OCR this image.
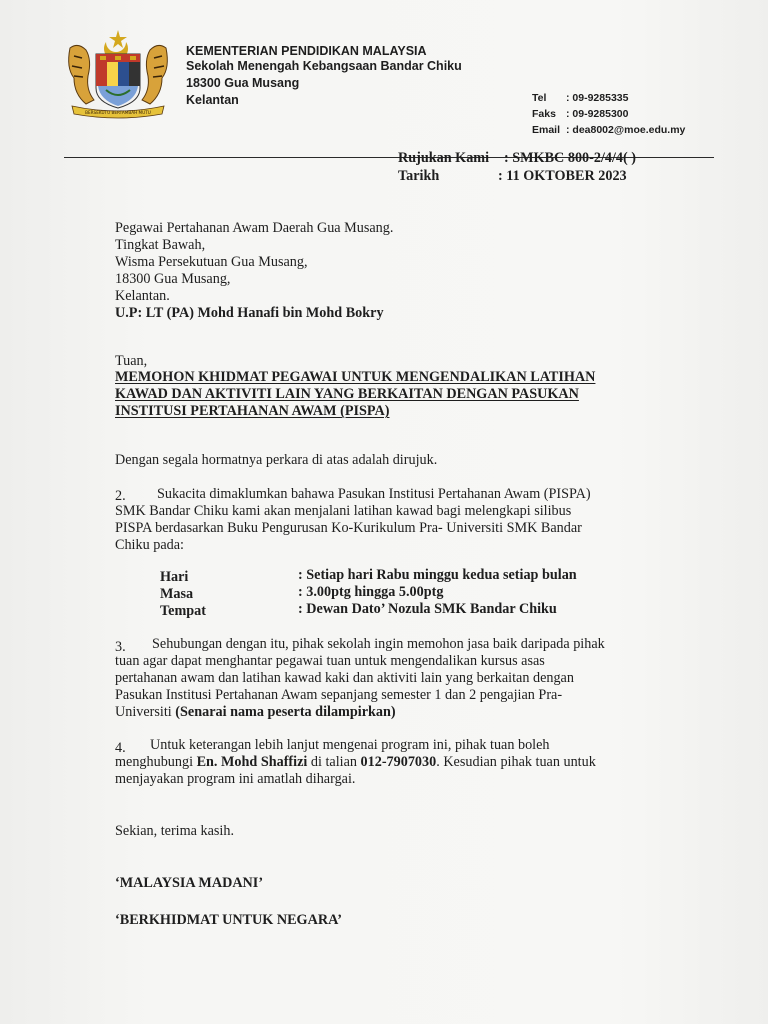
BERSEKUTU BERTAMBAH MUTU
KEMENTERIAN PENDIDIKAN MALAYSIA
Sekolah Menengah Kebangsaan Bandar Chiku
18300 Gua Musang
Kelantan	Tel : 09-9285335
Faks : 09-9285300
Email : dea8002@moe.edu.my
Rujukan Kami : SMKBC 800-2/4/4( )
Tarikh	: 11 OKTOBER 2023
Pegawai Pertahanan Awam Daerah Gua Musang.
Tingkat Bawah,
Wisma Persekutuan Gua Musang,
18300 Gua Musang,
Kelantan.
U.P: LT (PA) Mohd Hanafi bin Mohd Bokry
Tuan,
MEMOHON KHIDMAT PEGAWAI UNTUK MENGENDALIKAN LATIHAN
KAWAD DAN AKTIVITI LAIN YANG BERKAITAN DENGAN PASUKAN
INSTITUSI PERTAHANAN AWAM (PISPA)
Dengan segala hormatnya perkara di atas adalah dirujuk.
2. Sukacita dimaklumkan bahawa Pasukan Institusi Pertahanan Awam (PISPA)
SMK Bandar Chiku kami akan menjalani latihan kawad bagi melengkapi silibus
PISPA berdasarkan Buku Pengurusan Ko-Kurikulum Pra- Universiti SMK Bandar
Chiku pada:
Hari	: Setiap hari Rabu minggu kedua setiap bulan
Masa	: 3.00ptg hingga 5.00ptg
Tempat	: Dewan Dato’ Nozula SMK Bandar Chiku
3. Sehubungan dengan itu, pihak sekolah ingin memohon jasa baik daripada pihak
tuan agar dapat menghantar pegawai tuan untuk mengendalikan kursus asas
pertahanan awam dan latihan kawad kaki dan aktiviti lain yang berkaitan dengan
Pasukan Institusi Pertahanan Awam sepanjang semester 1 dan 2 pengajian Pra-
Universiti (Senarai nama peserta dilampirkan)
4. Untuk keterangan lebih lanjut mengenai program ini, pihak tuan boleh
menghubungi En. Mohd Shaffizi di talian 012-7907030. Kesudian pihak tuan untuk
menjayakan program ini amatlah dihargai.
Sekian, terima kasih.
‘MALAYSIA MADANI’
‘BERKHIDMAT UNTUK NEGARA’
